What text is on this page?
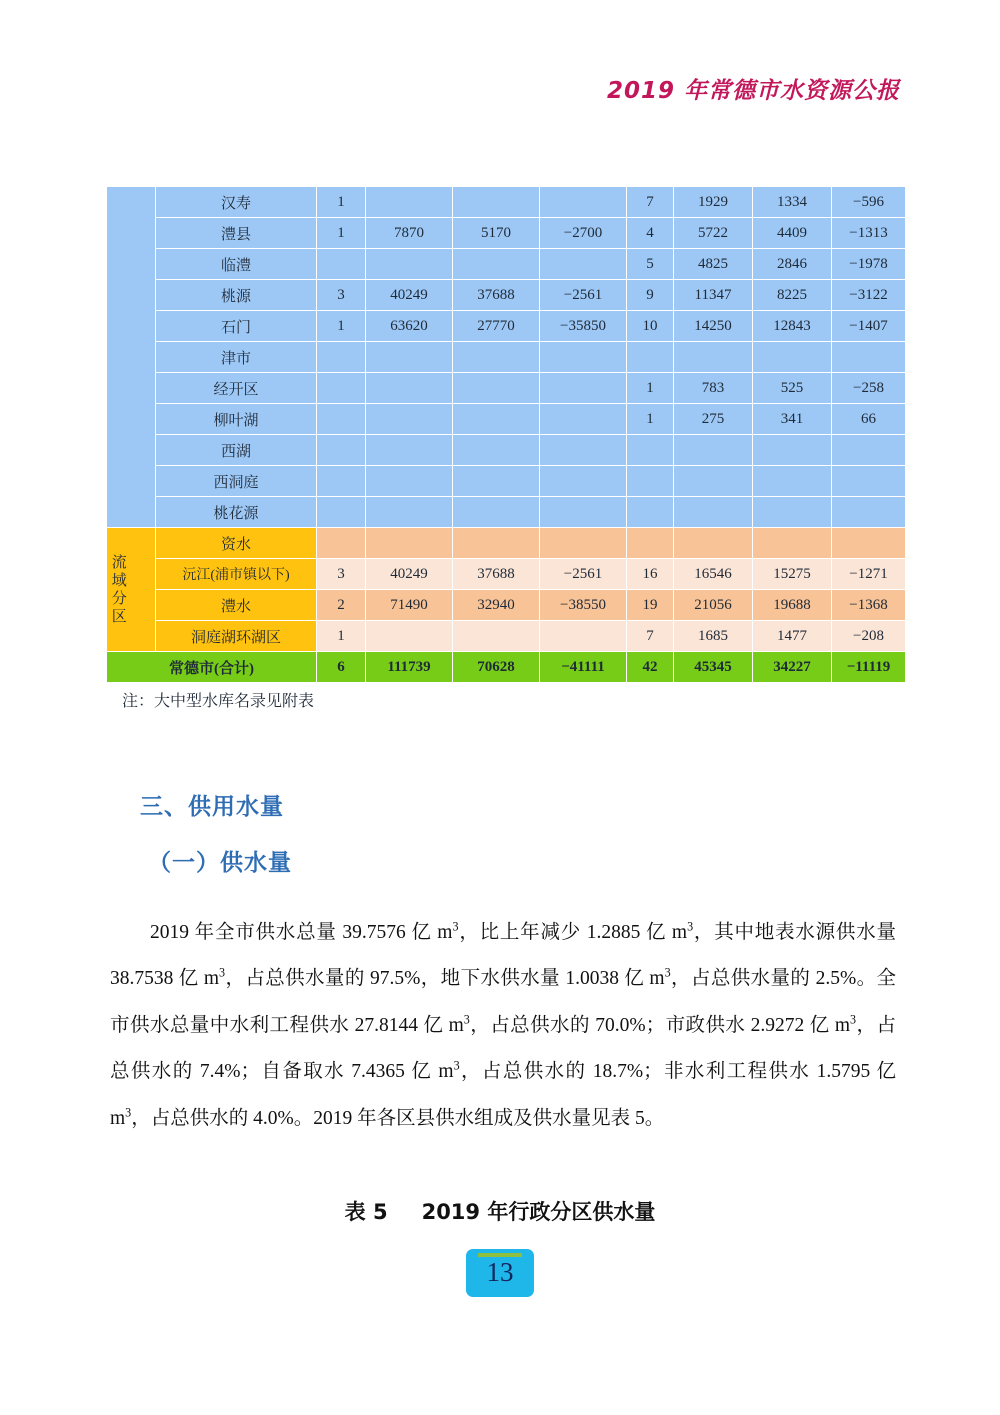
2019 年常德市水资源公报
	汉寿	1				7	1929	1334	−596
	澧县	1	7870	5170	−2700	4	5722	4409	−1313
	临澧					5	4825	2846	−1978
	桃源	3	40249	37688	−2561	9	11347	8225	−3122
	石门	1	63620	27770	−35850	10	14250	12843	−1407
	津市								
	经开区					1	783	525	−258
	柳叶湖					1	275	341	66
	西湖								
	西洞庭								
	桃花源								

流域分区	资水								
	沅江(浦市镇以下)	3	40249	37688	−2561	16	16546	15275	−1271
	澧水	2	71490	32940	−38550	19	21056	19688	−1368
	洞庭湖环湖区	1				7	1685	1477	−208
常德市(合计)		6	111739	70628	−41111	42	45345	34227	−11119
注：大中型水库名录见附表
三、供用水量
（一）供水量
2019 年全市供水总量 39.7576 亿 $m^3$，比上年减少 1.2885 亿 $m^3$，其中地表水源供水量 38.7538 亿 $m^3$，占总供水量的 97.5%，地下水供水量 1.0038 亿 $m^3$，占总供水量的 2.5%。全市供水总量中水利工程供水 27.8144 亿 $m^3$，占总供水的 70.0%；市政供水 2.9272 亿 $m^3$，占总供水的 7.4%；自备取水 7.4365 亿 $m^3$，占总供水的 18.7%；非水利工程供水 1.5795 亿 $m^3$，占总供水的 4.0%。2019 年各区县供水组成及供水量见表 5。
表 5 2019 年行政分区供水量
13
